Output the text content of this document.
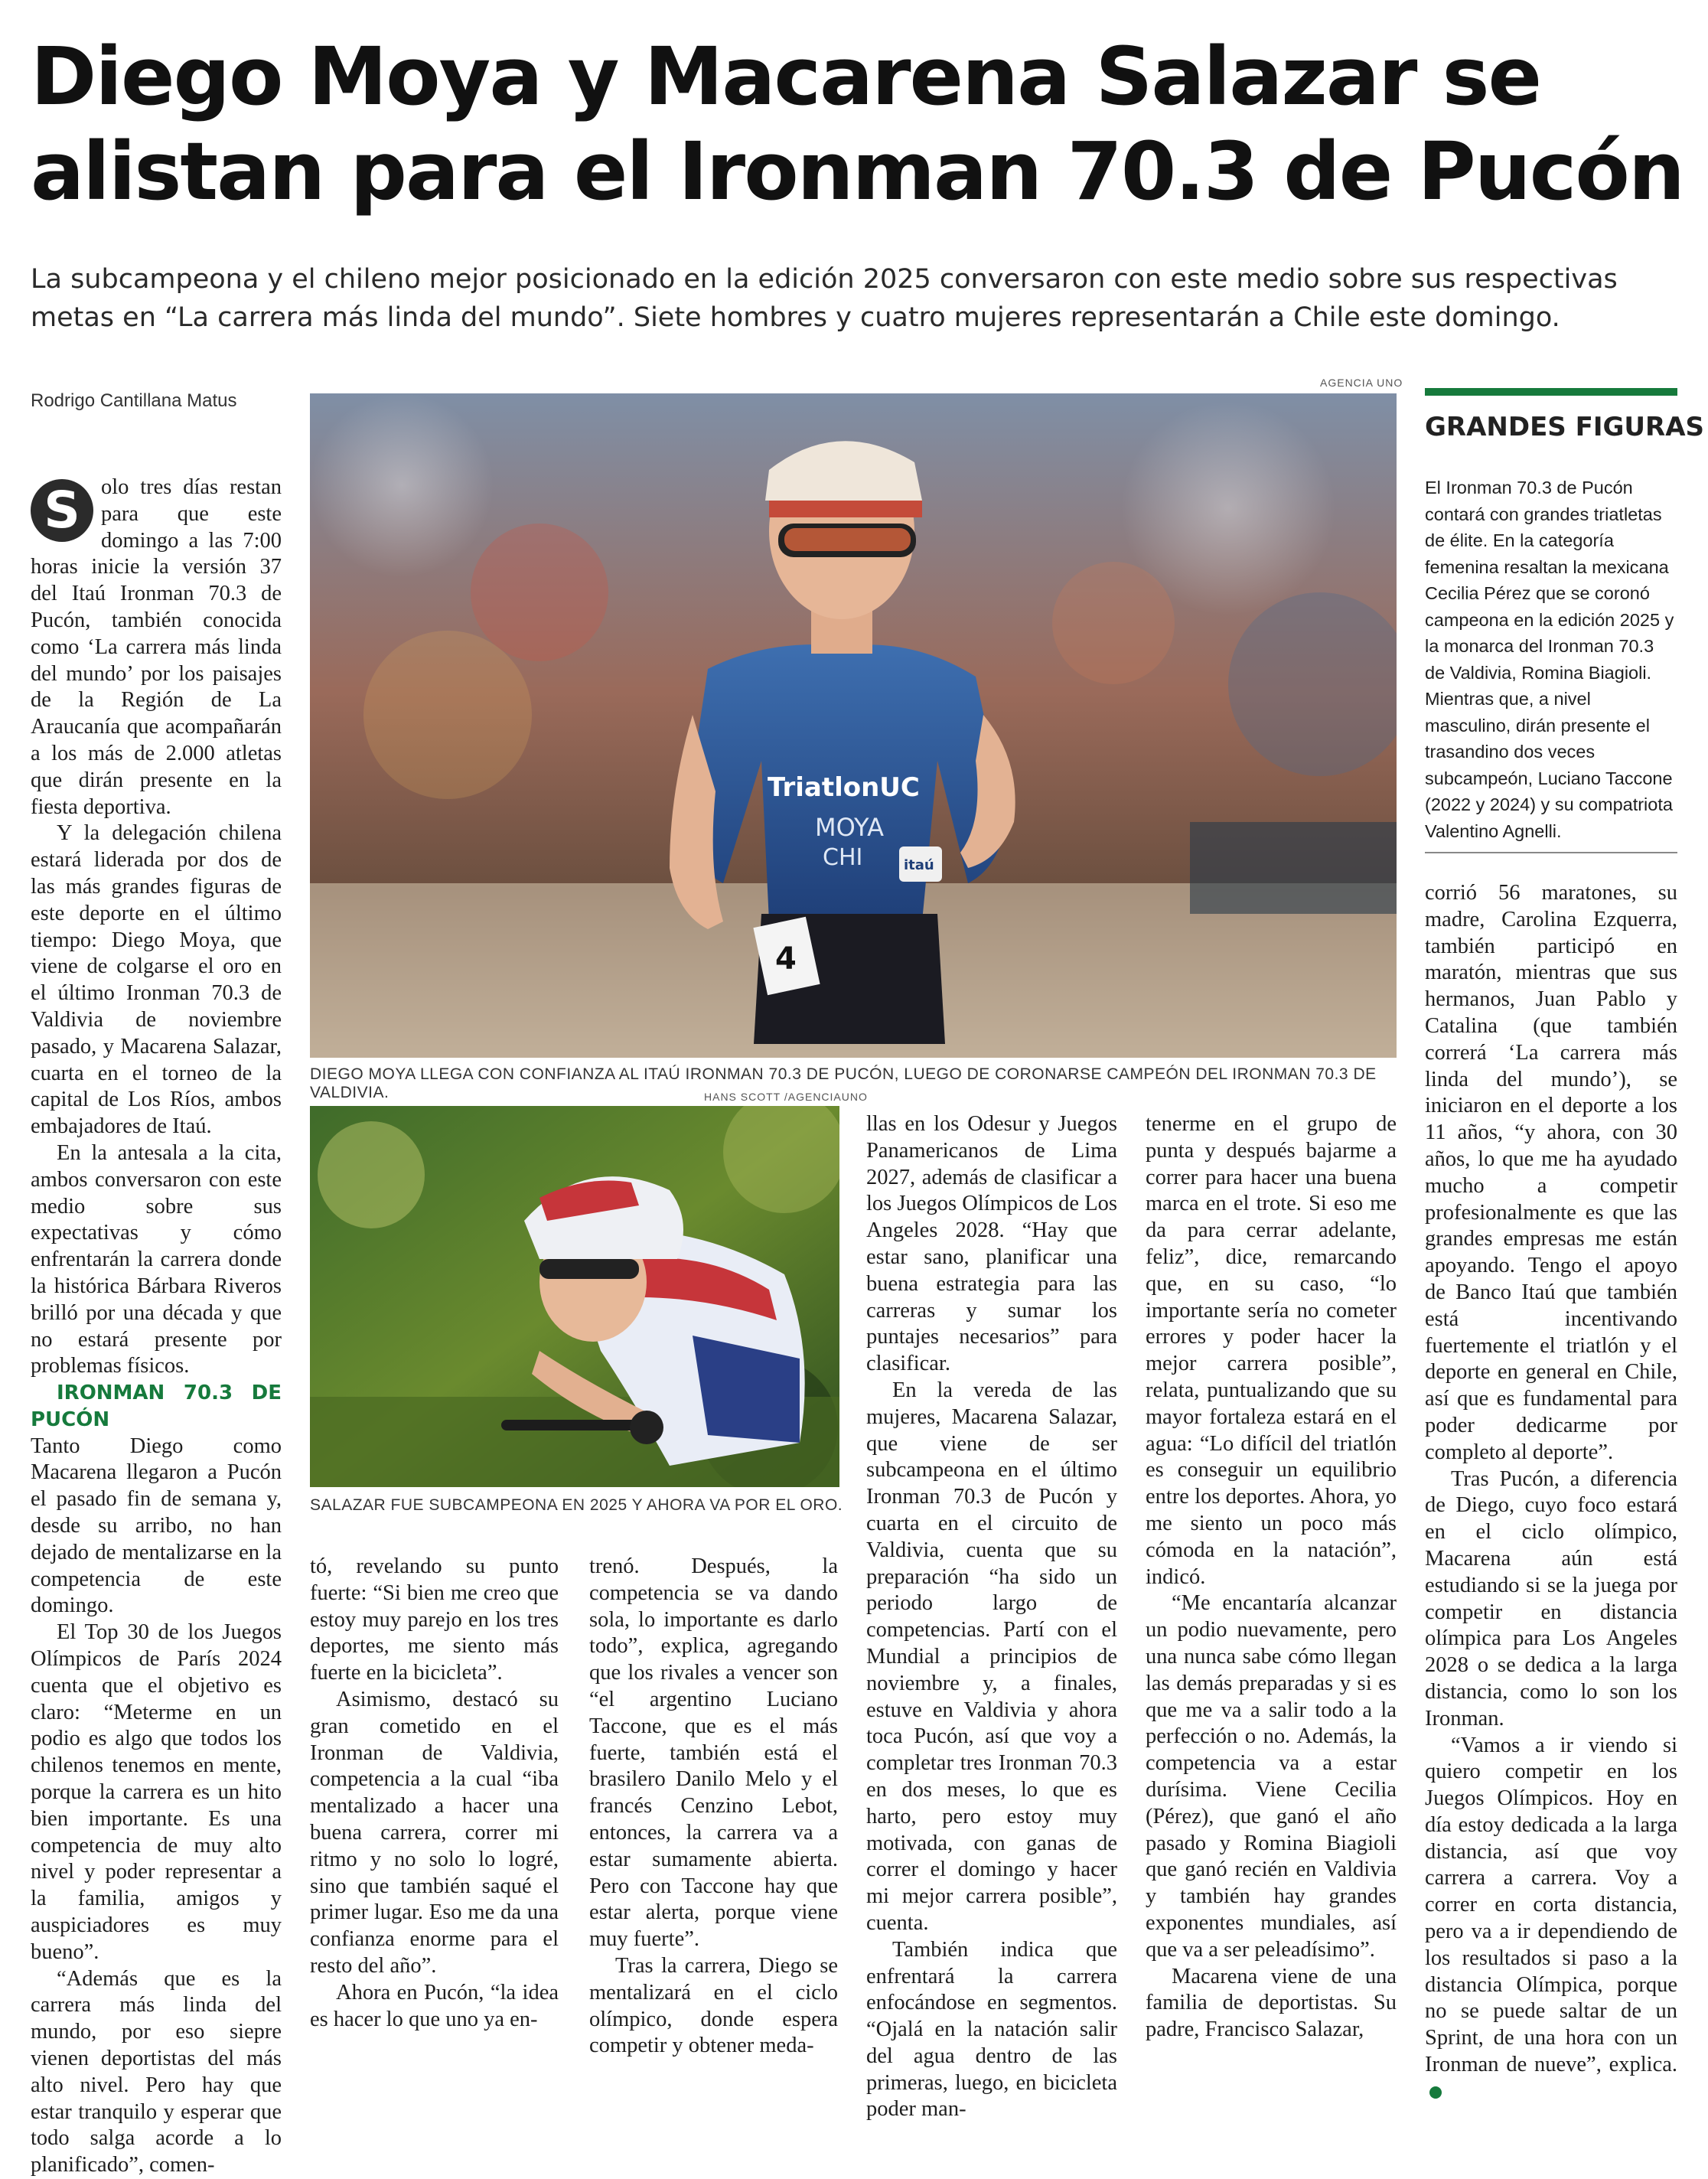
Diego Moya y Macarena Salazar se alistan para el Ironman 70.3 de Pucón

La subcampeona y el chileno mejor posicionado en la edición 2025 conversaron con este medio sobre sus respectivas metas en “La carrera más linda del mundo”. Siete hombres y cuatro mujeres representarán a Chile este domingo.

Rodrigo Cantillana Matus
AGENCIA UNO
4
TriatlonUC
MOYA
CHI	itaú
DIEGO MOYA LLEGA CON CONFIANZA AL ITAÚ IRONMAN 70.3 DE PUCÓN, LUEGO DE CORONARSE CAMPEÓN DEL IRONMAN 70.3 DE VALDIVIA.	HANS SCOTT /AGENCIAUNO
SALAZAR FUE SUBCAMPEONA EN 2025 Y AHORA VA POR EL ORO.
GRANDES FIGURAS

El Ironman 70.3 de Pucón contará con grandes triatletas de élite. En la categoría femenina resaltan la mexicana Cecilia Pérez que se coronó campeona en la edición 2025 y la monarca del Ironman 70.3 de Valdivia, Romina Biagioli. Mientras que, a nivel masculino, dirán presente el trasandino dos veces subcampeón, Luciano Taccone (2022 y 2024) y su compatriota Valentino Agnelli.

S olo tres días restan para que este domingo a las 7:00 horas inicie la versión 37 del Itaú Ironman 70.3 de Pucón, también conocida como ‘La carrera más linda del mundo’ por los paisajes de la Región de La Araucanía que acompañarán a los más de 2.000 atletas que dirán presente en la fiesta deportiva.

Y la delegación chilena estará liderada por dos de las más grandes figuras de este deporte en el último tiempo: Diego Moya, que viene de colgarse el oro en el último Ironman 70.3 de Valdivia de noviembre pasado, y Macarena Salazar, cuarta en el torneo de la capital de Los Ríos, ambos embajadores de Itaú.

En la antesala a la cita, ambos conversaron con este medio sobre sus expectativas y cómo enfrentarán la carrera donde la histórica Bárbara Riveros brilló por una década y que no estará presente por problemas físicos.

IRONMAN 70.3 DE PUCÓN

Tanto Diego como Macarena llegaron a Pucón el pasado fin de semana y, desde su arribo, no han dejado de mentalizarse en la competencia de este domingo.

El Top 30 de los Juegos Olímpicos de París 2024 cuenta que el objetivo es claro: “Meterme en un podio es algo que todos los chilenos tenemos en mente, porque la carrera es un hito bien importante. Es una competencia de muy alto nivel y poder representar a la familia, amigos y auspiciadores es muy bueno”.

“Además que es la carrera más linda del mundo, por eso siepre vienen deportistas del más alto nivel. Pero hay que estar tranquilo y esperar que todo salga acorde a lo planificado”, comen-

tó, revelando su punto fuerte: “Si bien me creo que estoy muy parejo en los tres deportes, me siento más fuerte en la bicicleta”.

Asimismo, destacó su gran cometido en el Ironman de Valdivia, competencia a la cual “iba mentalizado a hacer una buena carrera, correr mi ritmo y no solo lo logré, sino que también saqué el primer lugar. Eso me da una confianza enorme para el resto del año”.

Ahora en Pucón, “la idea es hacer lo que uno ya en-

trenó. Después, la competencia se va dando sola, lo importante es darlo todo”, explica, agregando que los rivales a vencer son “el argentino Luciano Taccone, que es el más fuerte, también está el brasilero Danilo Melo y el francés Cenzino Lebot, entonces, la carrera va a estar sumamente abierta. Pero con Taccone hay que estar alerta, porque viene muy fuerte”.

Tras la carrera, Diego se mentalizará en el ciclo olímpico, donde espera competir y obtener meda-

llas en los Odesur y Juegos Panamericanos de Lima 2027, además de clasificar a los Juegos Olímpicos de Los Angeles 2028. “Hay que estar sano, planificar una buena estrategia para las carreras y sumar los puntajes necesarios” para clasificar.

En la vereda de las mujeres, Macarena Salazar, que viene de ser subcampeona en el último Ironman 70.3 de Pucón y cuarta en el circuito de Valdivia, cuenta que su preparación “ha sido un periodo largo de competencias. Partí con el Mundial a principios de noviembre y, a finales, estuve en Valdivia y ahora toca Pucón, así que voy a completar tres Ironman 70.3 en dos meses, lo que es harto, pero estoy muy motivada, con ganas de correr el domingo y hacer mi mejor carrera posible”, cuenta.

También indica que enfrentará la carrera enfocándose en segmentos. “Ojalá en la natación salir del agua dentro de las primeras, luego, en bicicleta poder man-

tenerme en el grupo de punta y después bajarme a correr para hacer una buena marca en el trote. Si eso me da para cerrar adelante, feliz”, dice, remarcando que, en su caso, “lo importante sería no cometer errores y poder hacer la mejor carrera posible”, relata, puntualizando que su mayor fortaleza estará en el agua: “Lo difícil del triatlón es conseguir un equilibrio entre los deportes. Ahora, yo me siento un poco más cómoda en la natación”, indicó.

“Me encantaría alcanzar un podio nuevamente, pero una nunca sabe cómo llegan las demás preparadas y si es que me va a salir todo a la perfección o no. Además, la competencia va a estar durísima. Viene Cecilia (Pérez), que ganó el año pasado y Romina Biagioli que ganó recién en Valdivia y también hay grandes exponentes mundiales, así que va a ser peleadísimo”.

Macarena viene de una familia de deportistas. Su padre, Francisco Salazar,

corrió 56 maratones, su madre, Carolina Ezquerra, también participó en maratón, mientras que sus hermanos, Juan Pablo y Catalina (que también correrá ‘La carrera más linda del mundo’), se iniciaron en el deporte a los 11 años, “y ahora, con 30 años, lo que me ha ayudado mucho a competir profesionalmente es que las grandes empresas me están apoyando. Tengo el apoyo de Banco Itaú que también está incentivando fuertemente el triatlón y el deporte en general en Chile, así que es fundamental para poder dedicarme por completo al deporte”.

Tras Pucón, a diferencia de Diego, cuyo foco estará en el ciclo olímpico, Macarena aún está estudiando si se la juega por competir en distancia olímpica para Los Angeles 2028 o se dedica a la larga distancia, como lo son los Ironman.

“Vamos a ir viendo si quiero competir en los Juegos Olímpicos. Hoy en día estoy dedicada a la larga distancia, así que voy carrera a carrera. Voy a correr en corta distancia, pero va a ir dependiendo de los resultados si paso a la distancia Olímpica, porque no se puede saltar de un Sprint, de una hora con un Ironman de nueve”, explica.
